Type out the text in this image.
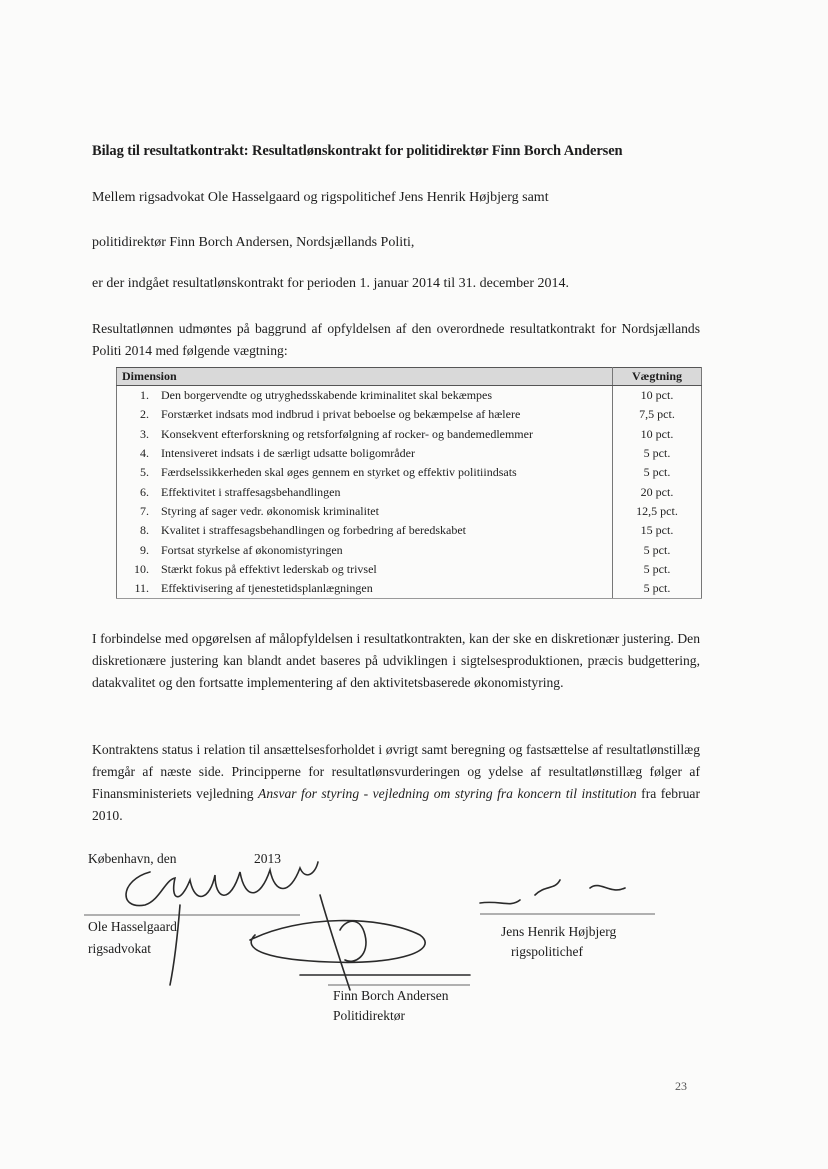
Bilag til resultatkontrakt: Resultatlønskontrakt for politidirektør Finn Borch Andersen
Mellem rigsadvokat Ole Hasselgaard og rigspolitichef Jens Henrik Højbjerg samt
politidirektør Finn Borch Andersen, Nordsjællands Politi,
er der indgået resultatlønskontrakt for perioden 1. januar 2014 til 31. december 2014.

Resultatlønnen udmøntes på baggrund af opfyldelsen af den overordnede resultatkontrakt for Nordsjællands Politi 2014 med følgende vægtning:

Dimension		Vægtning
1.	Den borgervendte og utryghedsskabende kriminalitet skal bekæmpes	10 pct.
2.	Forstærket indsats mod indbrud i privat beboelse og bekæmpelse af hælere	7,5 pct.
3.	Konsekvent efterforskning og retsforfølgning af rocker- og bandemedlemmer	10 pct.
4.	Intensiveret indsats i de særligt udsatte boligområder	5 pct.
5.	Færdselssikkerheden skal øges gennem en styrket og effektiv politiindsats	5 pct.
6.	Effektivitet i straffesagsbehandlingen	20 pct.
7.	Styring af sager vedr. økonomisk kriminalitet	12,5 pct.
8.	Kvalitet i straffesagsbehandlingen og forbedring af beredskabet	15 pct.
9.	Fortsat styrkelse af økonomistyringen	5 pct.
10.	Stærkt fokus på effektivt lederskab og trivsel	5 pct.
11.	Effektivisering af tjenestetidsplanlægningen	5 pct.

I forbindelse med opgørelsen af målopfyldelsen i resultatkontrakten, kan der ske en diskretionær justering. Den diskretionære justering kan blandt andet baseres på udviklingen i sigtelsesproduktionen, præcis budgettering, datakvalitet og den fortsatte implementering af den aktivitetsbaserede økonomistyring.

Kontraktens status i relation til ansættelsesforholdet i øvrigt samt beregning og fastsættelse af resultatlønstillæg fremgår af næste side. Principperne for resultatlønsvurderingen og ydelse af resultatlønstillæg følger af Finansministeriets vejledning Ansvar for styring - vejledning om styring fra koncern til institution fra februar 2010.

København, den	2013
Ole Hasselgaard
rigsadvokat
Jens Henrik Højbjerg
rigspolitichef
Finn Borch Andersen
Politidirektør
23
